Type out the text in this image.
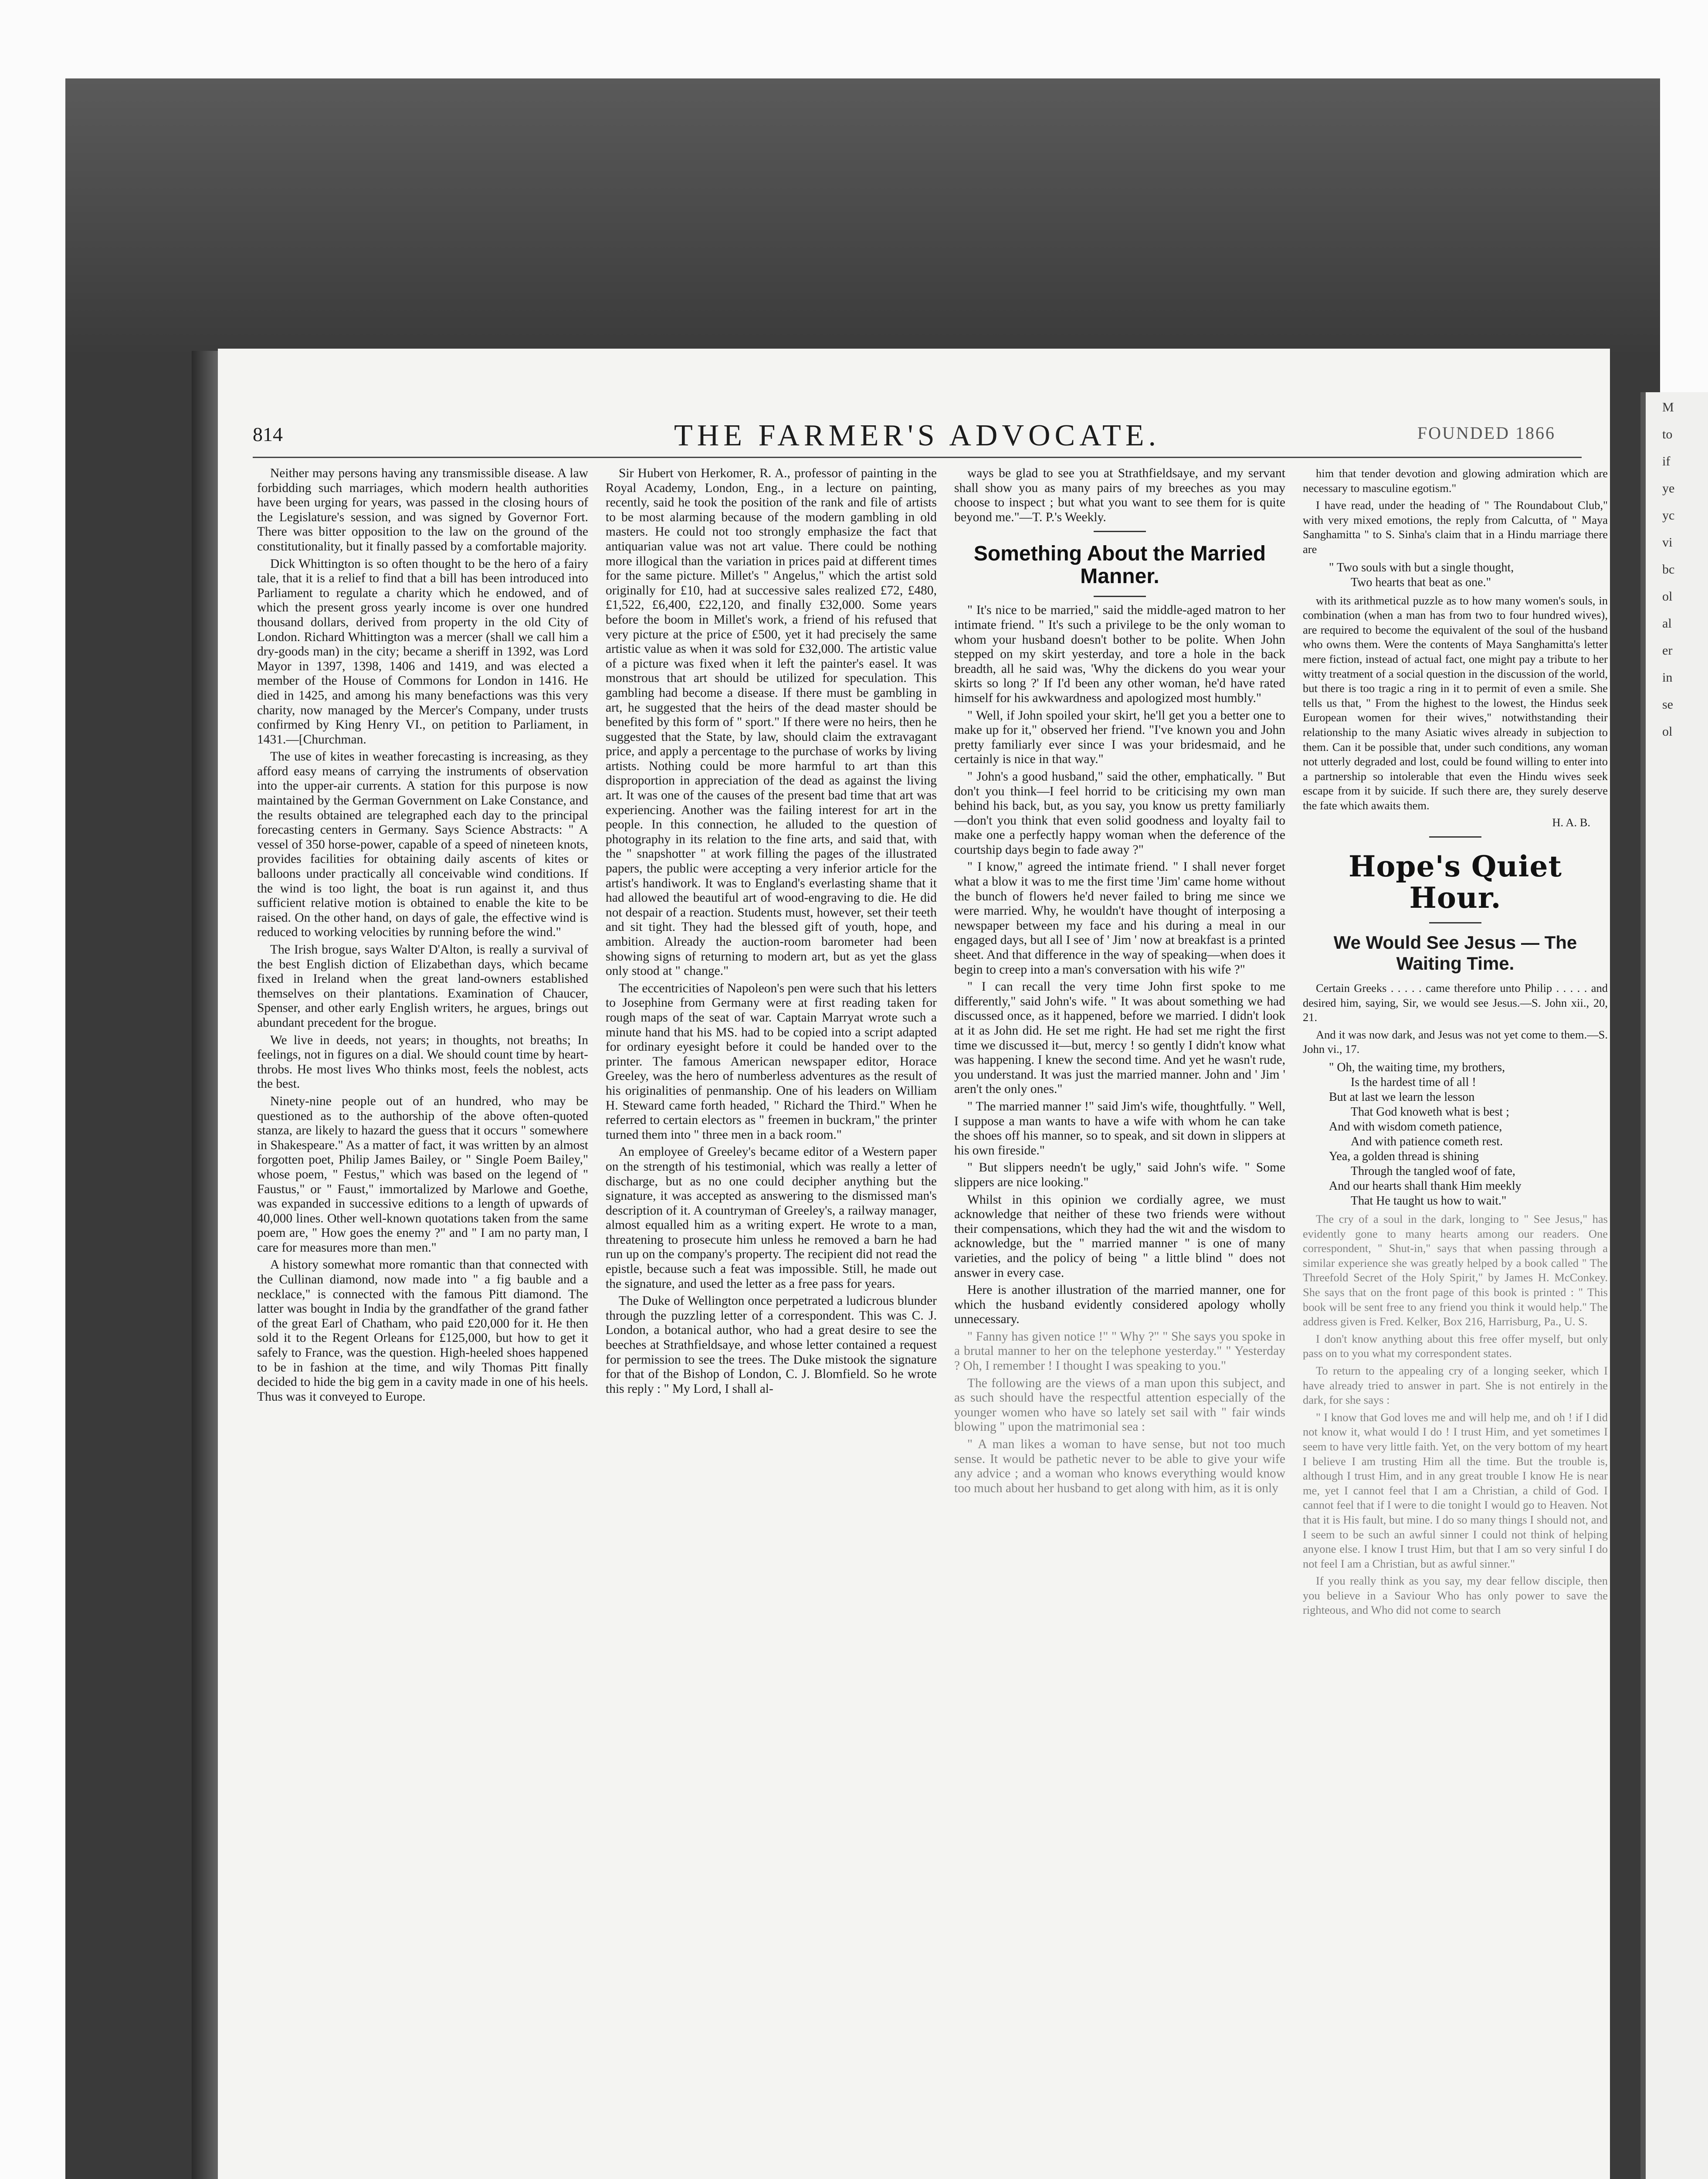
M
to
if
ye
yc
vi
bc
ol
al
er
in
se
ol
814	THE FARMER'S ADVOCATE.	FOUNDED 1866

Neither may persons having any transmissible disease. A law forbidding such marriages, which modern health authorities have been urging for years, was passed in the closing hours of the Legislature's session, and was signed by Governor Fort. There was bitter opposition to the law on the ground of the constitutionality, but it finally passed by a comfortable majority.

Dick Whittington is so often thought to be the hero of a fairy tale, that it is a relief to find that a bill has been introduced into Parliament to regulate a charity which he endowed, and of which the present gross yearly income is over one hundred thousand dollars, derived from property in the old City of London. Richard Whittington was a mercer (shall we call him a dry-goods man) in the city; became a sheriff in 1392, was Lord Mayor in 1397, 1398, 1406 and 1419, and was elected a member of the House of Commons for London in 1416. He died in 1425, and among his many benefactions was this very charity, now managed by the Mercer's Company, under trusts confirmed by King Henry VI., on petition to Parliament, in 1431.—[Churchman.

The use of kites in weather forecasting is increasing, as they afford easy means of carrying the instruments of observation into the upper-air currents. A station for this purpose is now maintained by the German Government on Lake Constance, and the results obtained are telegraphed each day to the principal forecasting centers in Germany. Says Science Abstracts: " A vessel of 350 horse-power, capable of a speed of nineteen knots, provides facilities for obtaining daily ascents of kites or balloons under practically all conceivable wind conditions. If the wind is too light, the boat is run against it, and thus sufficient relative motion is obtained to enable the kite to be raised. On the other hand, on days of gale, the effective wind is reduced to working velocities by running before the wind."

The Irish brogue, says Walter D'Alton, is really a survival of the best English diction of Elizabethan days, which became fixed in Ireland when the great land-owners established themselves on their plantations. Examination of Chaucer, Spenser, and other early English writers, he argues, brings out abundant precedent for the brogue.

We live in deeds, not years; in thoughts, not breaths; In feelings, not in figures on a dial. We should count time by heart-throbs. He most lives Who thinks most, feels the noblest, acts the best.

Ninety-nine people out of an hundred, who may be questioned as to the authorship of the above often-quoted stanza, are likely to hazard the guess that it occurs " somewhere in Shakespeare." As a matter of fact, it was written by an almost forgotten poet, Philip James Bailey, or " Single Poem Bailey," whose poem, " Festus," which was based on the legend of " Faustus," or " Faust," immortalized by Marlowe and Goethe, was expanded in successive editions to a length of upwards of 40,000 lines. Other well-known quotations taken from the same poem are, " How goes the enemy ?" and " I am no party man, I care for measures more than men."

A history somewhat more romantic than that connected with the Cullinan diamond, now made into " a fig bauble and a necklace," is connected with the famous Pitt diamond. The latter was bought in India by the grandfather of the grand father of the great Earl of Chatham, who paid £20,000 for it. He then sold it to the Regent Orleans for £125,000, but how to get it safely to France, was the question. High-heeled shoes happened to be in fashion at the time, and wily Thomas Pitt finally decided to hide the big gem in a cavity made in one of his heels. Thus was it conveyed to Europe.

Sir Hubert von Herkomer, R. A., professor of painting in the Royal Academy, London, Eng., in a lecture on painting, recently, said he took the position of the rank and file of artists to be most alarming because of the modern gambling in old masters. He could not too strongly emphasize the fact that antiquarian value was not art value. There could be nothing more illogical than the variation in prices paid at different times for the same picture. Millet's " Angelus," which the artist sold originally for £10, had at successive sales realized £72, £480, £1,522, £6,400, £22,120, and finally £32,000. Some years before the boom in Millet's work, a friend of his refused that very picture at the price of £500, yet it had precisely the same artistic value as when it was sold for £32,000. The artistic value of a picture was fixed when it left the painter's easel. It was monstrous that art should be utilized for speculation. This gambling had become a disease. If there must be gambling in art, he suggested that the heirs of the dead master should be benefited by this form of " sport." If there were no heirs, then he suggested that the State, by law, should claim the extravagant price, and apply a percentage to the purchase of works by living artists. Nothing could be more harmful to art than this disproportion in appreciation of the dead as against the living art. It was one of the causes of the present bad time that art was experiencing. Another was the failing interest for art in the people. In this connection, he alluded to the question of photography in its relation to the fine arts, and said that, with the " snapshotter " at work filling the pages of the illustrated papers, the public were accepting a very inferior article for the artist's handiwork. It was to England's everlasting shame that it had allowed the beautiful art of wood-engraving to die. He did not despair of a reaction. Students must, however, set their teeth and sit tight. They had the blessed gift of youth, hope, and ambition. Already the auction-room barometer had been showing signs of returning to modern art, but as yet the glass only stood at " change."

The eccentricities of Napoleon's pen were such that his letters to Josephine from Germany were at first reading taken for rough maps of the seat of war. Captain Marryat wrote such a minute hand that his MS. had to be copied into a script adapted for ordinary eyesight before it could be handed over to the printer. The famous American newspaper editor, Horace Greeley, was the hero of numberless adventures as the result of his originalities of penmanship. One of his leaders on William H. Steward came forth headed, " Richard the Third." When he referred to certain electors as " freemen in buckram," the printer turned them into " three men in a back room."

An employee of Greeley's became editor of a Western paper on the strength of his testimonial, which was really a letter of discharge, but as no one could decipher anything but the signature, it was accepted as answering to the dismissed man's description of it. A countryman of Greeley's, a railway manager, almost equalled him as a writing expert. He wrote to a man, threatening to prosecute him unless he removed a barn he had run up on the company's property. The recipient did not read the epistle, because such a feat was impossible. Still, he made out the signature, and used the letter as a free pass for years.

The Duke of Wellington once perpetrated a ludicrous blunder through the puzzling letter of a correspondent. This was C. J. London, a botanical author, who had a great desire to see the beeches at Strathfieldsaye, and whose letter contained a request for permission to see the trees. The Duke mistook the signature for that of the Bishop of London, C. J. Blomfield. So he wrote this reply : " My Lord, I shall al-

ways be glad to see you at Strathfieldsaye, and my servant shall show you as many pairs of my breeches as you may choose to inspect ; but what you want to see them for is quite beyond me."—T. P.'s Weekly.

Something About the Married Manner.

" It's nice to be married," said the middle-aged matron to her intimate friend. " It's such a privilege to be the only woman to whom your husband doesn't bother to be polite. When John stepped on my skirt yesterday, and tore a hole in the back breadth, all he said was, 'Why the dickens do you wear your skirts so long ?' If I'd been any other woman, he'd have rated himself for his awkwardness and apologized most humbly."

" Well, if John spoiled your skirt, he'll get you a better one to make up for it," observed her friend. "I've known you and John pretty familiarly ever since I was your bridesmaid, and he certainly is nice in that way."

" John's a good husband," said the other, emphatically. " But don't you think—I feel horrid to be criticising my own man behind his back, but, as you say, you know us pretty familiarly—don't you think that even solid goodness and loyalty fail to make one a perfectly happy woman when the deference of the courtship days begin to fade away ?"

" I know," agreed the intimate friend. " I shall never forget what a blow it was to me the first time 'Jim' came home without the bunch of flowers he'd never failed to bring me since we were married. Why, he wouldn't have thought of interposing a newspaper between my face and his during a meal in our engaged days, but all I see of ' Jim ' now at breakfast is a printed sheet. And that difference in the way of speaking—when does it begin to creep into a man's conversation with his wife ?"

" I can recall the very time John first spoke to me differently," said John's wife. " It was about something we had discussed once, as it happened, before we married. I didn't look at it as John did. He set me right. He had set me right the first time we discussed it—but, mercy ! so gently I didn't know what was happening. I knew the second time. And yet he wasn't rude, you understand. It was just the married manner. John and ' Jim ' aren't the only ones."

" The married manner !" said Jim's wife, thoughtfully. " Well, I suppose a man wants to have a wife with whom he can take the shoes off his manner, so to speak, and sit down in slippers at his own fireside."

" But slippers needn't be ugly," said John's wife. " Some slippers are nice looking."

Whilst in this opinion we cordially agree, we must acknowledge that neither of these two friends were without their compensations, which they had the wit and the wisdom to acknowledge, but the " married manner " is one of many varieties, and the policy of being " a little blind " does not answer in every case.

Here is another illustration of the married manner, one for which the husband evidently considered apology wholly unnecessary.

" Fanny has given notice !" " Why ?" " She says you spoke in a brutal manner to her on the telephone yesterday." " Yesterday ? Oh, I remember ! I thought I was speaking to you."

The following are the views of a man upon this subject, and as such should have the respectful attention especially of the younger women who have so lately set sail with " fair winds blowing " upon the matrimonial sea :

" A man likes a woman to have sense, but not too much sense. It would be pathetic never to be able to give your wife any advice ; and a woman who knows everything would know too much about her husband to get along with him, as it is only

him that tender devotion and glowing admiration which are necessary to masculine egotism."

I have read, under the heading of " The Roundabout Club," with very mixed emotions, the reply from Calcutta, of " Maya Sanghamitta " to S. Sinha's claim that in a Hindu marriage there are

" Two souls with but a single thought,
Two hearts that beat as one."

with its arithmetical puzzle as to how many women's souls, in combination (when a man has from two to four hundred wives), are required to become the equivalent of the soul of the husband who owns them. Were the contents of Maya Sanghamitta's letter mere fiction, instead of actual fact, one might pay a tribute to her witty treatment of a social question in the discussion of the world, but there is too tragic a ring in it to permit of even a smile. She tells us that, " From the highest to the lowest, the Hindus seek European women for their wives," notwithstanding their relationship to the many Asiatic wives already in subjection to them. Can it be possible that, under such conditions, any woman not utterly degraded and lost, could be found willing to enter into a partnership so intolerable that even the Hindu wives seek escape from it by suicide. If such there are, they surely deserve the fate which awaits them.

H. A. B.

Hope's Quiet Hour.
We Would See Jesus — The Waiting Time.

Certain Greeks . . . . . came therefore unto Philip . . . . . and desired him, saying, Sir, we would see Jesus.—S. John xii., 20, 21.

And it was now dark, and Jesus was not yet come to them.—S. John vi., 17.

" Oh, the waiting time, my brothers,
Is the hardest time of all !
But at last we learn the lesson
That God knoweth what is best ;
And with wisdom cometh patience,
And with patience cometh rest.
Yea, a golden thread is shining
Through the tangled woof of fate,
And our hearts shall thank Him meekly
That He taught us how to wait."

The cry of a soul in the dark, longing to " See Jesus," has evidently gone to many hearts among our readers. One correspondent, " Shut-in," says that when passing through a similar experience she was greatly helped by a book called " The Threefold Secret of the Holy Spirit," by James H. McConkey. She says that on the front page of this book is printed : " This book will be sent free to any friend you think it would help." The address given is Fred. Kelker, Box 216, Harrisburg, Pa., U. S.

I don't know anything about this free offer myself, but only pass on to you what my correspondent states.

To return to the appealing cry of a longing seeker, which I have already tried to answer in part. She is not entirely in the dark, for she says :

" I know that God loves me and will help me, and oh ! if I did not know it, what would I do ! I trust Him, and yet sometimes I seem to have very little faith. Yet, on the very bottom of my heart I believe I am trusting Him all the time. But the trouble is, although I trust Him, and in any great trouble I know He is near me, yet I cannot feel that I am a Christian, a child of God. I cannot feel that if I were to die tonight I would go to Heaven. Not that it is His fault, but mine. I do so many things I should not, and I seem to be such an awful sinner I could not think of helping anyone else. I know I trust Him, but that I am so very sinful I do not feel I am a Christian, but as awful sinner."

If you really think as you say, my dear fellow disciple, then you believe in a Saviour Who has only power to save the righteous, and Who did not come to search
